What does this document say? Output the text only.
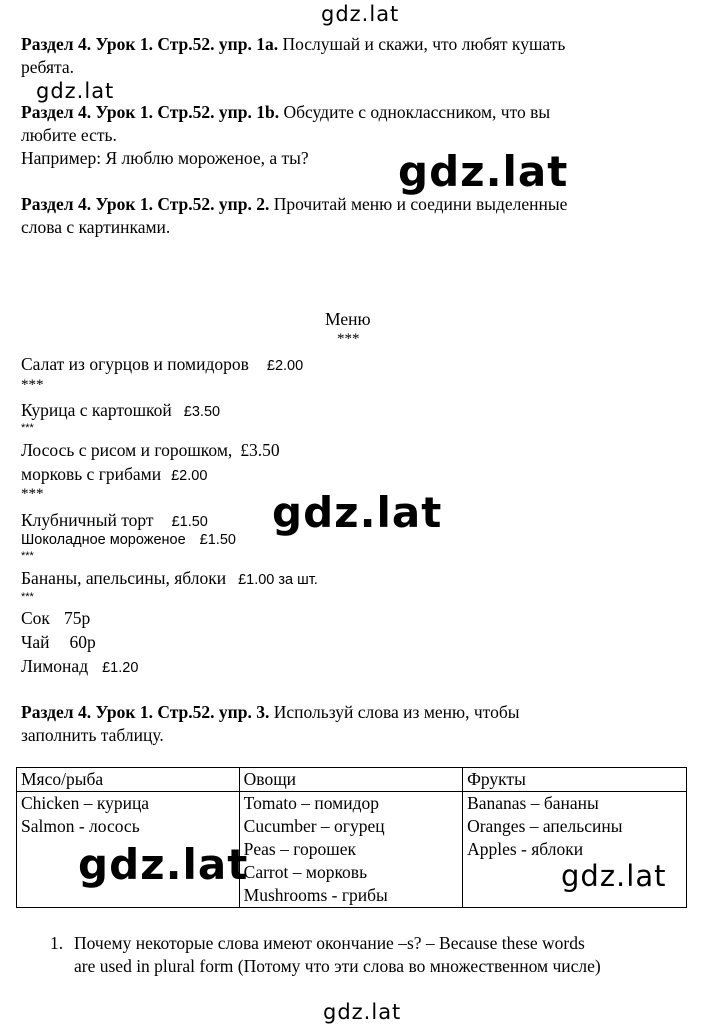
gdz.lat
gdz.lat
gdz.lat
gdz.lat
Раздел 4. Урок 1. Стр.52. упр. 1a. Послушай и скажи, что любят кушать
ребята.
Раздел 4. Урок 1. Стр.52. упр. 1b. Обсудите с одноклассником, что вы
любите есть.
Например: Я люблю мороженое, а ты?
Раздел 4. Урок 1. Стр.52. упр. 2. Прочитай меню и соедини выделенные
слова с картинками.
Меню
***
Салат из огурцов и помидоров £2.00
***
Курица с картошкой £3.50
***
Лосось с рисом и горошком, £3.50
морковь с грибами £2.00
***
Клубничный торт £1.50
Шоколадное мороженое £1.50
***
Бананы, апельсины, яблоки £1.00 за шт.
***
Сок 75р
Чай 60р
Лимонад £1.20
Раздел 4. Урок 1. Стр.52. упр. 3. Используй слова из меню, чтобы
заполнить таблицу.
Мясо/рыба	Овощи	Фрукты

Chicken – курица
Salmon - лосось	Tomato – помидор
Cucumber – огурец
Peas – горошек
Carrot – морковь
Mushrooms - грибы	Bananas – бананы
Oranges – апельсины
Apples - яблоки
gdz.lat	gdz.lat
1. Почему некоторые слова имеют окончание –s? – Because these words
are used in plural form (Потому что эти слова во множественном числе)
gdz.lat
